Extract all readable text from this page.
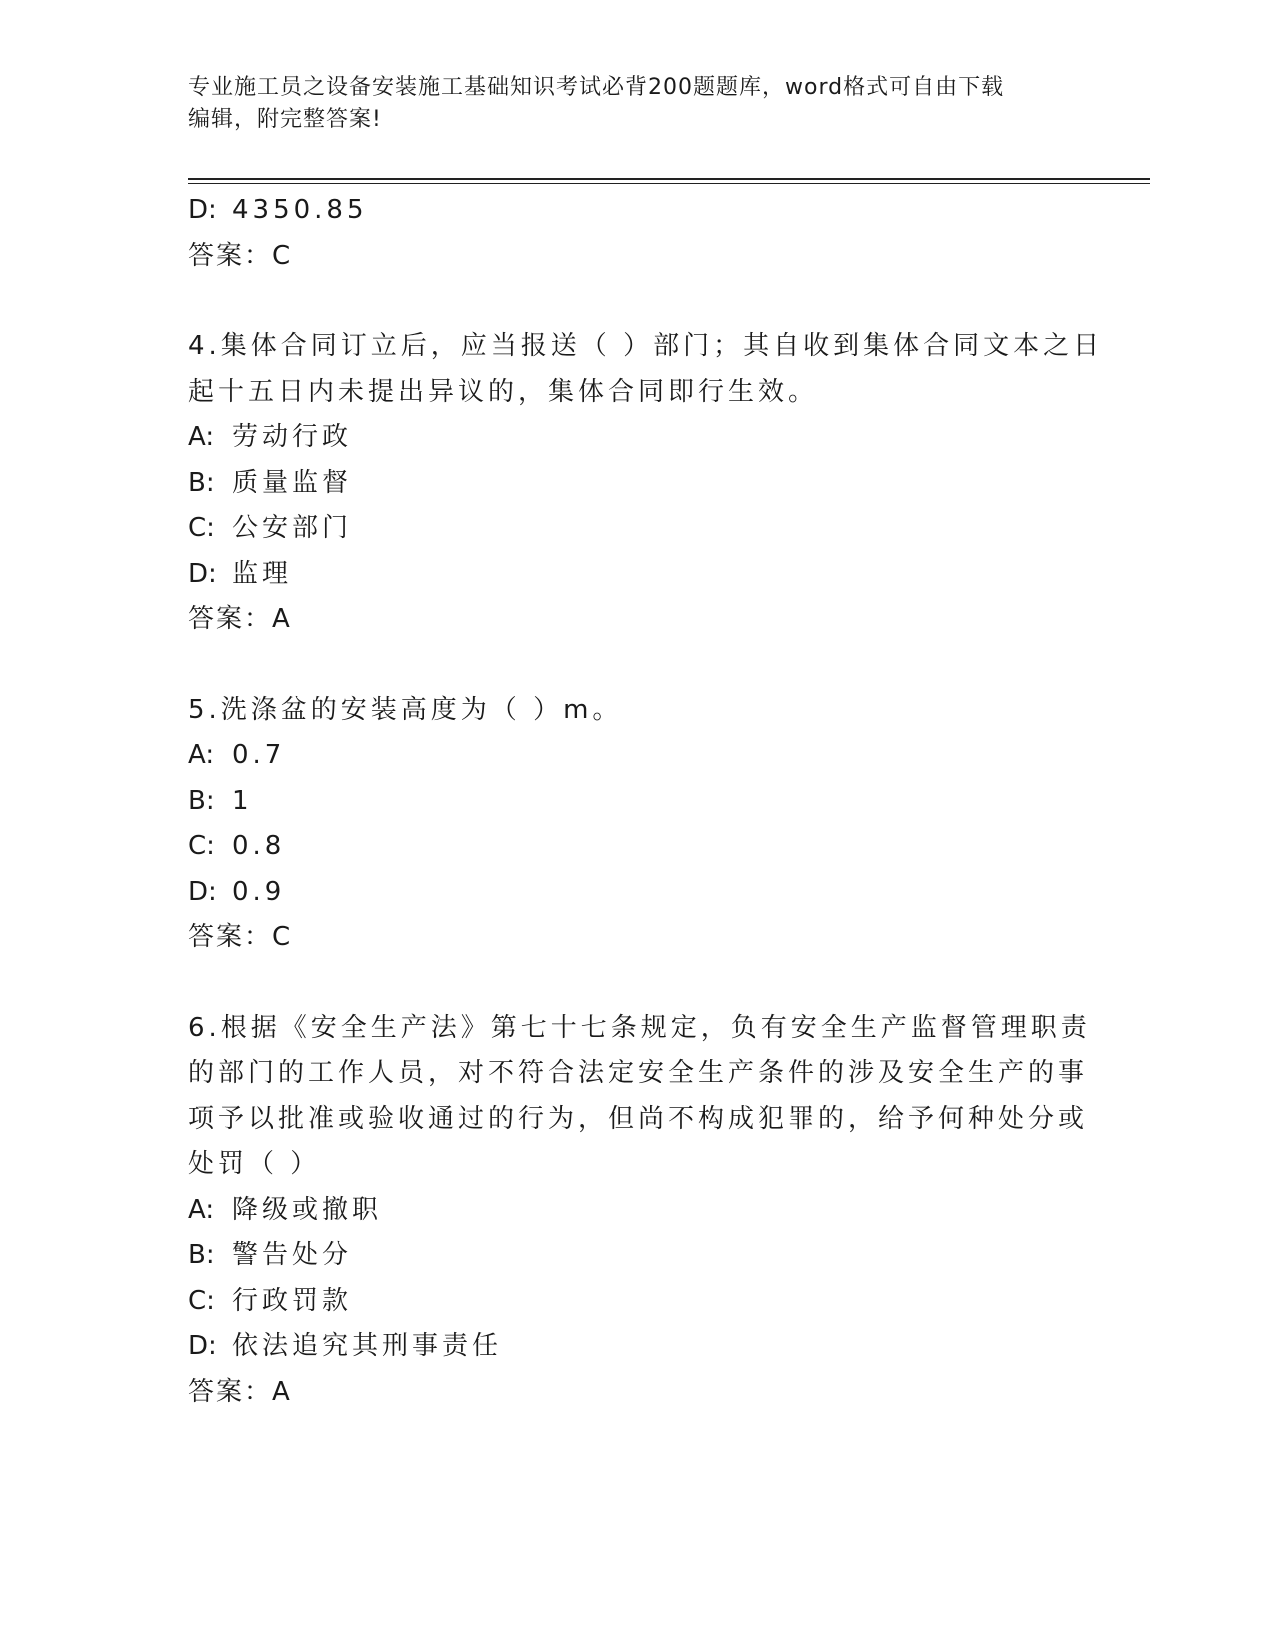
专业施工员之设备安装施工基础知识考试必背200题题库，word格式可自由下载
编辑，附完整答案!
D: 4350.85
答案：C
4.集体合同订立后，应当报送（ ）部门；其自收到集体合同文本之日
起十五日内未提出异议的，集体合同即行生效。
A: 劳动行政
B: 质量监督
C: 公安部门
D: 监理
答案：A
5.洗涤盆的安装高度为（ ）m。
A: 0.7
B: 1
C: 0.8
D: 0.9
答案：C
6.根据《安全生产法》第七十七条规定，负有安全生产监督管理职责
的部门的工作人员，对不符合法定安全生产条件的涉及安全生产的事
项予以批准或验收通过的行为，但尚不构成犯罪的，给予何种处分或
处罚（ ）
A: 降级或撤职
B: 警告处分
C: 行政罚款
D: 依法追究其刑事责任
答案：A
